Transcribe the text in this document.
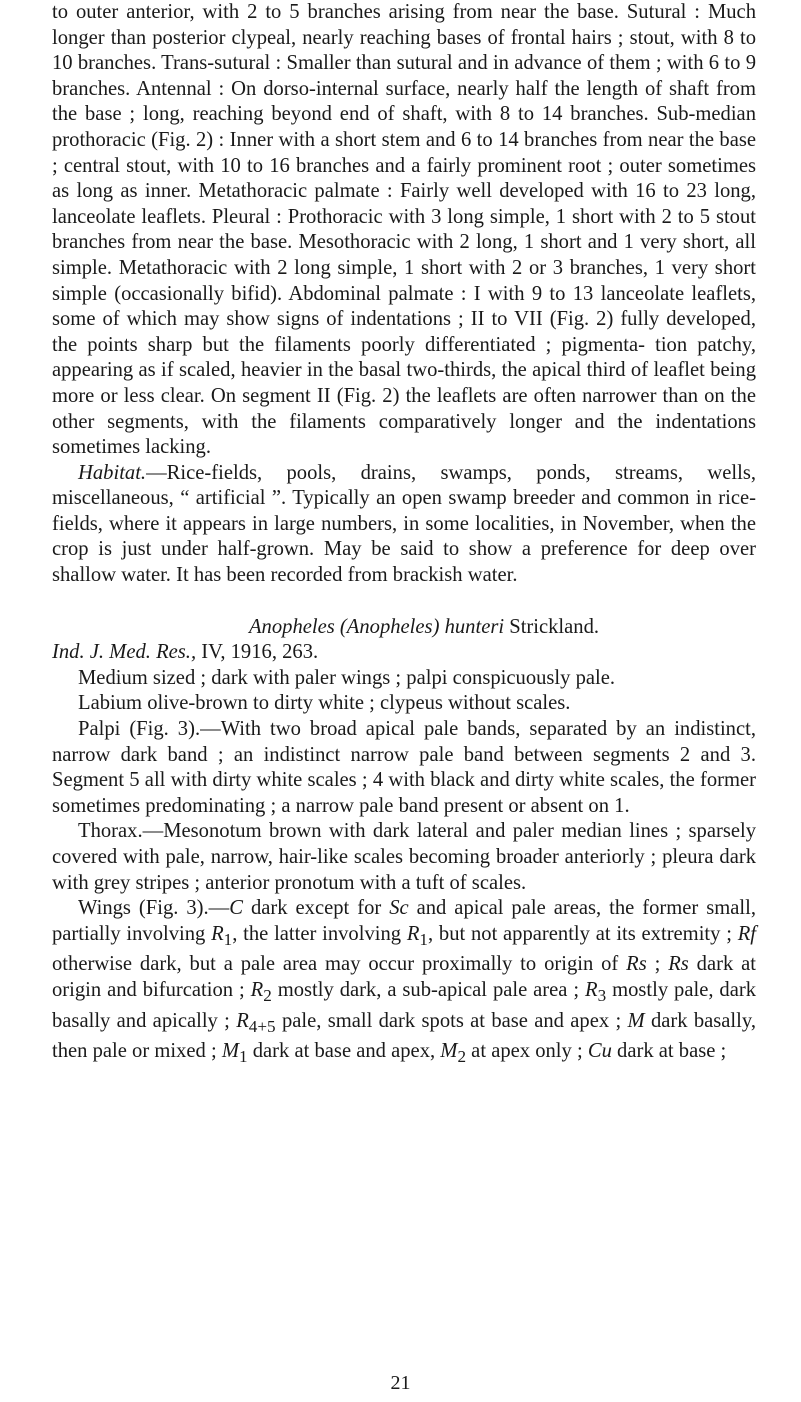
to outer anterior, with 2 to 5 branches arising from near the base. Sutural : Much longer than posterior clypeal, nearly reaching bases of frontal hairs ; stout, with 8 to 10 branches. Trans-sutural : Smaller than sutural and in advance of them ; with 6 to 9 branches. Antennal : On dorso-internal surface, nearly half the length of shaft from the base ; long, reaching beyond end of shaft, with 8 to 14 branches. Sub-median prothoracic (Fig. 2) : Inner with a short stem and 6 to 14 branches from near the base ; central stout, with 10 to 16 branches and a fairly prominent root ; outer sometimes as long as inner. Metathoracic palmate : Fairly well developed with 16 to 23 long, lanceolate leaflets. Pleural : Prothoracic with 3 long simple, 1 short with 2 to 5 stout branches from near the base. Mesothoracic with 2 long, 1 short and 1 very short, all simple. Metathoracic with 2 long simple, 1 short with 2 or 3 branches, 1 very short simple (occasionally bifid). Abdominal palmate : I with 9 to 13 lanceolate leaflets, some of which may show signs of indentations ; II to VII (Fig. 2) fully developed, the points sharp but the filaments poorly differentiated ; pigmenta- tion patchy, appearing as if scaled, heavier in the basal two-thirds, the apical third of leaflet being more or less clear. On segment II (Fig. 2) the leaflets are often narrower than on the other segments, with the filaments comparatively longer and the indentations sometimes lacking.

Habitat.—Rice-fields, pools, drains, swamps, ponds, streams, wells, miscellaneous, “ artificial ”. Typically an open swamp breeder and common in rice-fields, where it appears in large numbers, in some localities, in November, when the crop is just under half-grown. May be said to show a preference for deep over shallow water. It has been recorded from brackish water.

Anopheles (Anopheles) hunteri Strickland.

Ind. J. Med. Res., IV, 1916, 263.

Medium sized ; dark with paler wings ; palpi conspicuously pale.

Labium olive-brown to dirty white ; clypeus without scales.

Palpi (Fig. 3).—With two broad apical pale bands, separated by an indistinct, narrow dark band ; an indistinct narrow pale band between segments 2 and 3. Segment 5 all with dirty white scales ; 4 with black and dirty white scales, the former sometimes predominating ; a narrow pale band present or absent on 1.

Thorax.—Mesonotum brown with dark lateral and paler median lines ; sparsely covered with pale, narrow, hair-like scales becoming broader anteriorly ; pleura dark with grey stripes ; anterior pronotum with a tuft of scales.

Wings (Fig. 3).—C dark except for Sc and apical pale areas, the former small, partially involving $R_1$, the latter involving $R_1$, but not apparently at its extremity ; Rf otherwise dark, but a pale area may occur proximally to origin of Rs ; Rs dark at origin and bifurcation ; $R_2$ mostly dark, a sub-apical pale area ; $R_3$ mostly pale, dark basally and apically ; $R_{4+5}$ pale, small dark spots at base and apex ; M dark basally, then pale or mixed ; $M_1$ dark at base and apex, $M_2$ at apex only ; Cu dark at base ;

21
